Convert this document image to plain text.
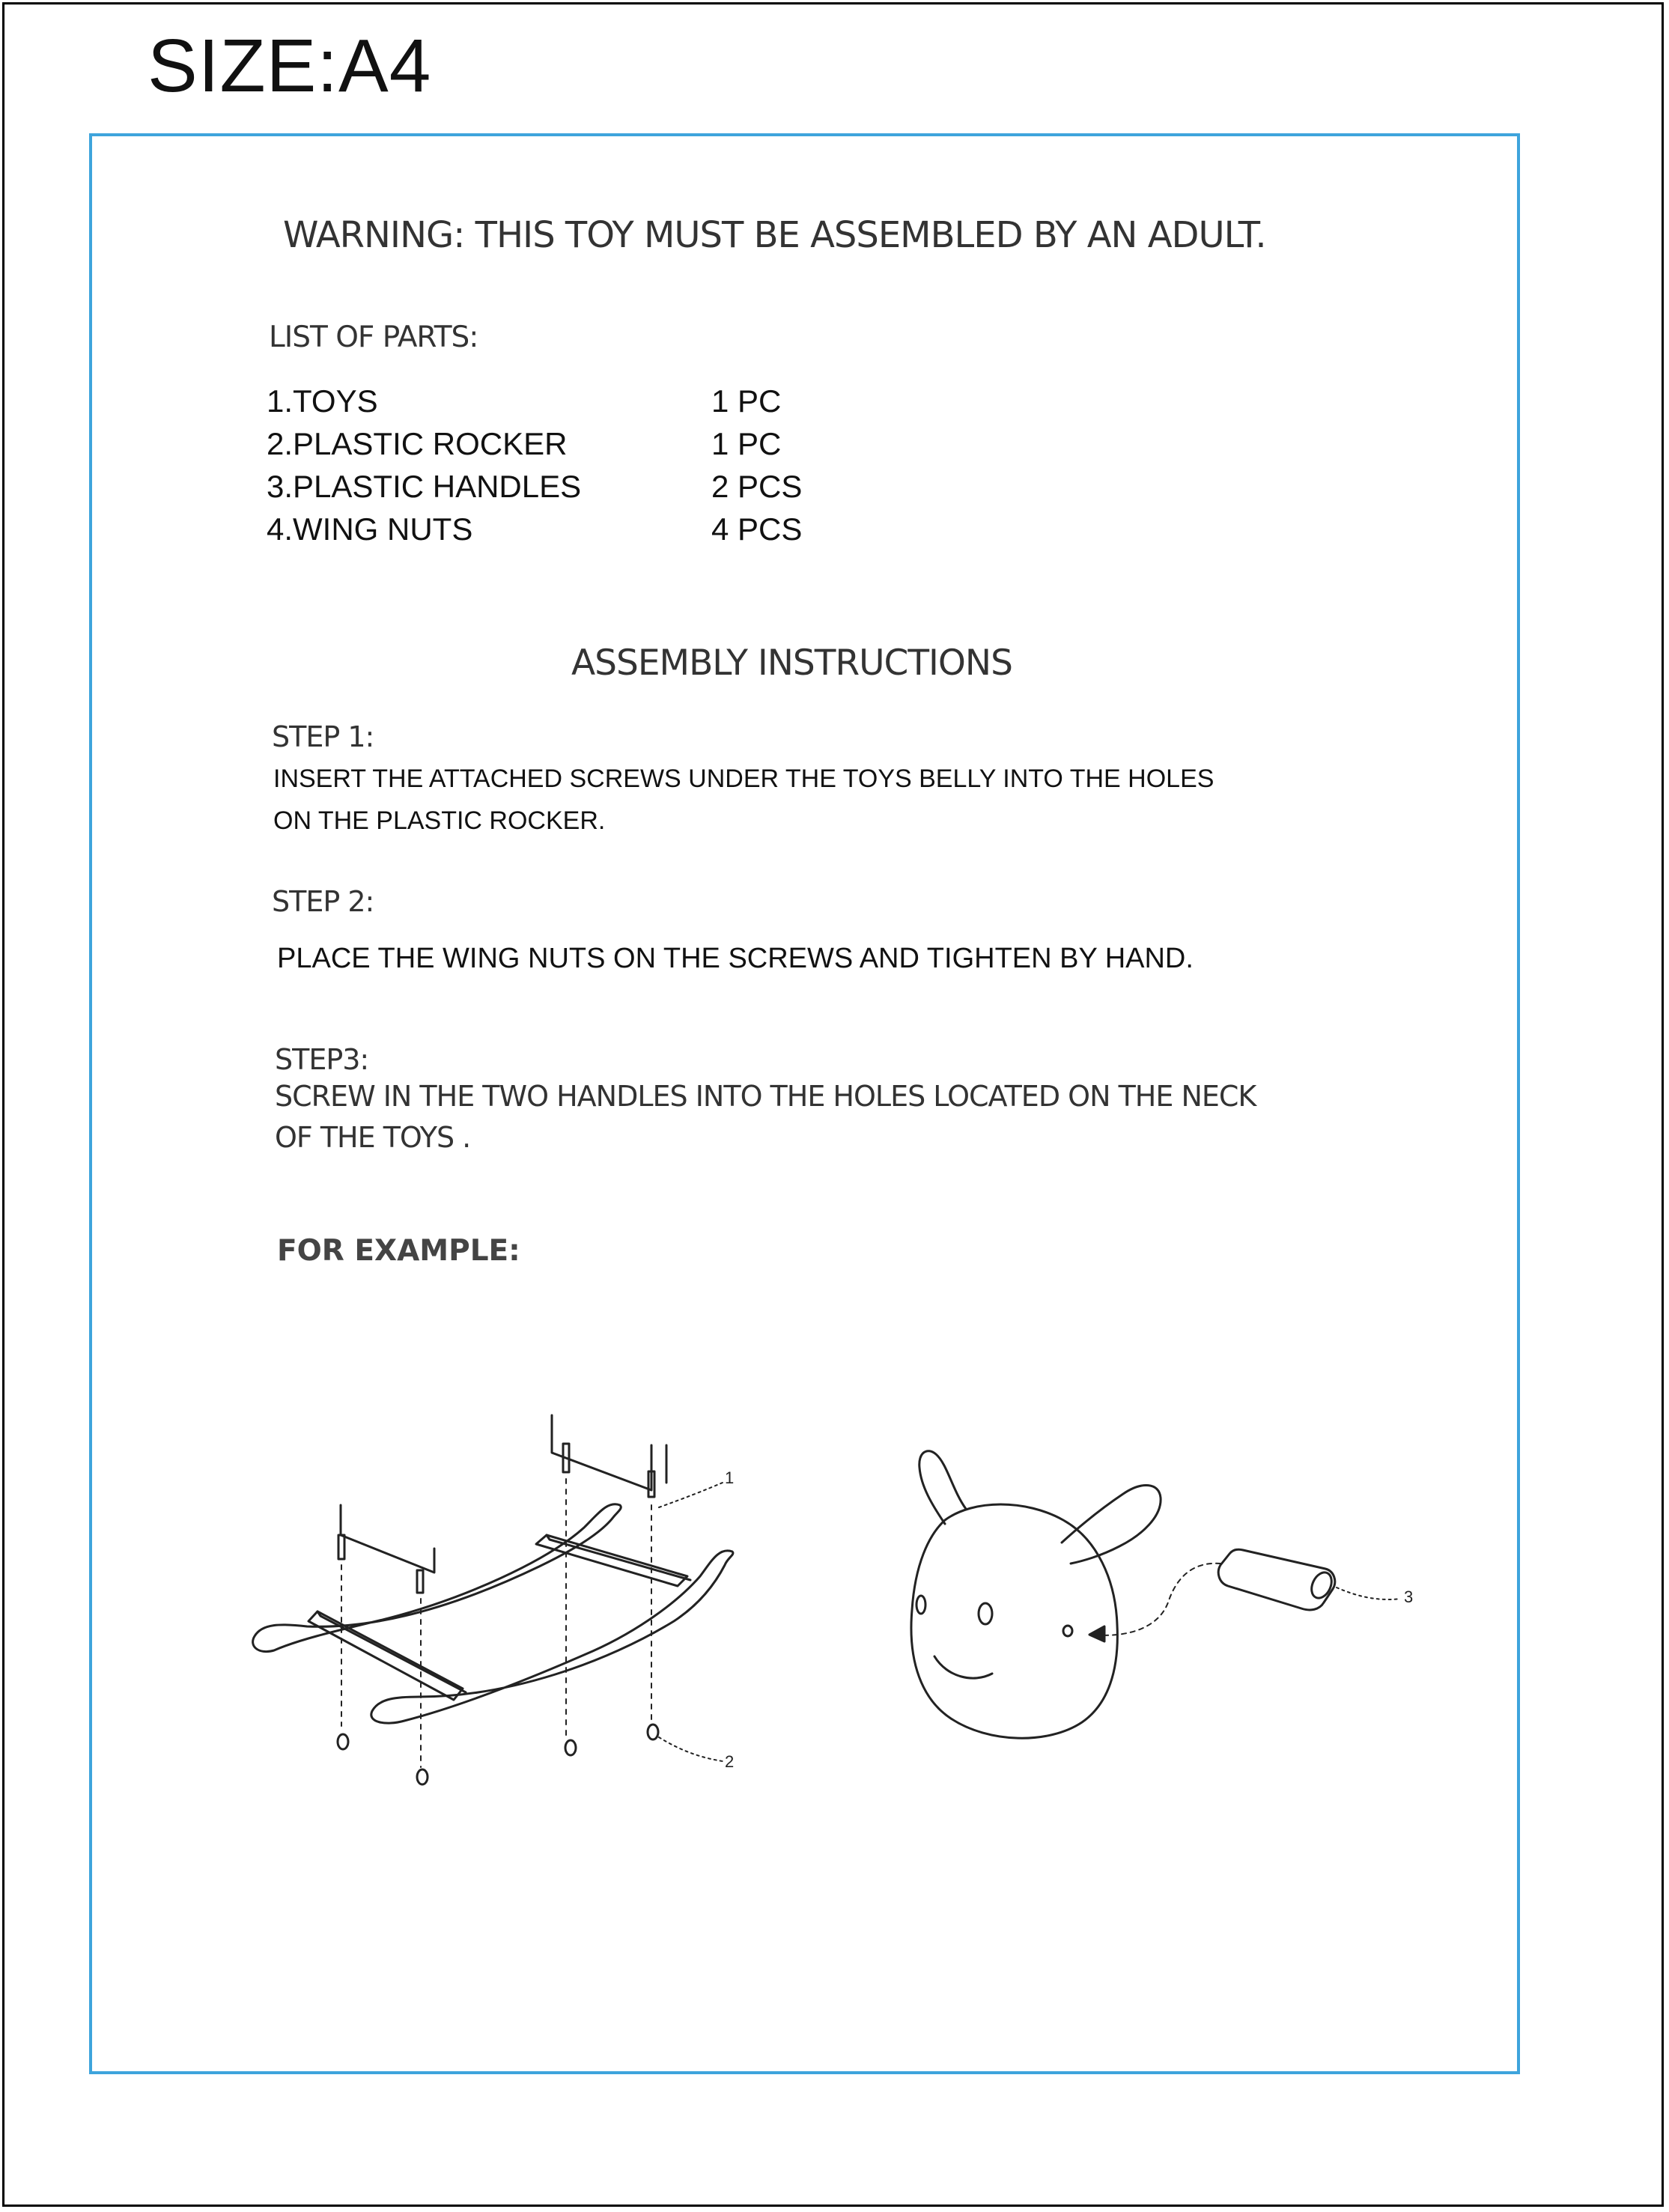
SIZE:A4
WARNING: THIS TOY MUST BE ASSEMBLED BY AN ADULT.
LIST OF PARTS:
1.TOYS	1 PC
2.PLASTIC ROCKER	1 PC
3.PLASTIC HANDLES	2 PCS
4.WING NUTS	4 PCS
ASSEMBLY INSTRUCTIONS
STEP 1:
INSERT THE ATTACHED SCREWS UNDER THE TOYS BELLY INTO THE HOLES
ON THE PLASTIC ROCKER.
STEP 2:
PLACE THE WING NUTS ON THE SCREWS AND TIGHTEN BY HAND.
STEP3:
SCREW IN THE TWO HANDLES INTO THE HOLES LOCATED ON THE NECK
OF THE TOYS .
FOR EXAMPLE:
1
2
3
